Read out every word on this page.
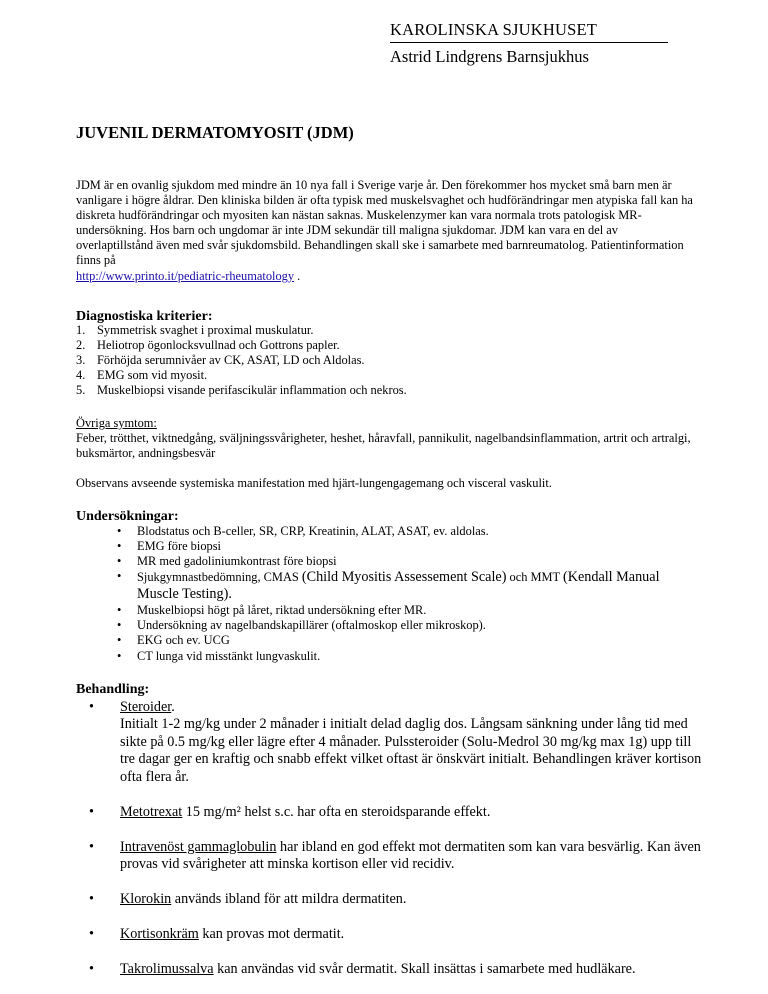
KAROLINSKA SJUKHUSET
Astrid Lindgrens Barnsjukhus
JUVENIL DERMATOMYOSIT (JDM)
JDM är en ovanlig sjukdom med mindre än 10 nya fall i Sverige varje år. Den förekommer hos mycket små barn men är vanligare i högre åldrar. Den kliniska bilden är ofta typisk med muskelsvaghet och hudförändringar men atypiska fall kan ha diskreta hudförändringar och myositen kan nästan saknas. Muskelenzymer kan vara normala trots patologisk MR-undersökning. Hos barn och ungdomar är inte JDM sekundär till maligna sjukdomar. JDM kan vara en del av overlaptillstånd även med svår sjukdomsbild. Behandlingen skall ske i samarbete med barnreumatolog. Patientinformation finns på
http://www.printo.it/pediatric-rheumatology .
Diagnostiska kriterier:
1. Symmetrisk svaghet i proximal muskulatur.
2. Heliotrop ögonlocksvullnad och Gottrons papler.
3. Förhöjda serumnivåer av CK, ASAT, LD och Aldolas.
4. EMG som vid myosit.
5. Muskelbiopsi visande perifascikulär inflammation och nekros.
Övriga symtom:
Feber, trötthet, viktnedgång, sväljningssvårigheter, heshet, håravfall, pannikulit, nagelbandsinflammation, artrit och artralgi, buksmärtor, andningsbesvär
Observans avseende systemiska manifestation med hjärt-lungengagemang och visceral vaskulit.
Undersökningar:
• Blodstatus och B-celler, SR, CRP, Kreatinin, ALAT, ASAT, ev. aldolas.
• EMG före biopsi
• MR med gadoliniumkontrast före biopsi
• Sjukgymnastbedömning, CMAS (Child Myositis Assessement Scale) och MMT (Kendall Manual Muscle Testing).
• Muskelbiopsi högt på låret, riktad undersökning efter MR.
• Undersökning av nagelbandskapillärer (oftalmoskop eller mikroskop).
• EKG och ev. UCG
• CT lunga vid misstänkt lungvaskulit.
Behandling:
• Steroider.
Initialt 1-2 mg/kg under 2 månader i initialt delad daglig dos. Långsam sänkning under lång tid med sikte på 0.5 mg/kg eller lägre efter 4 månader. Pulssteroider (Solu-Medrol 30 mg/kg max 1g) upp till tre dagar ger en kraftig och snabb effekt vilket oftast är önskvärt initialt. Behandlingen kräver kortison ofta flera år.
• Metotrexat 15 mg/m² helst s.c. har ofta en steroidsparande effekt.
• Intravenöst gammaglobulin har ibland en god effekt mot dermatiten som kan vara besvärlig. Kan även provas vid svårigheter att minska kortison eller vid recidiv.
• Klorokin används ibland för att mildra dermatiten.
• Kortisonkräm kan provas mot dermatit.
• Takrolimussalva kan användas vid svår dermatit. Skall insättas i samarbete med hudläkare.
